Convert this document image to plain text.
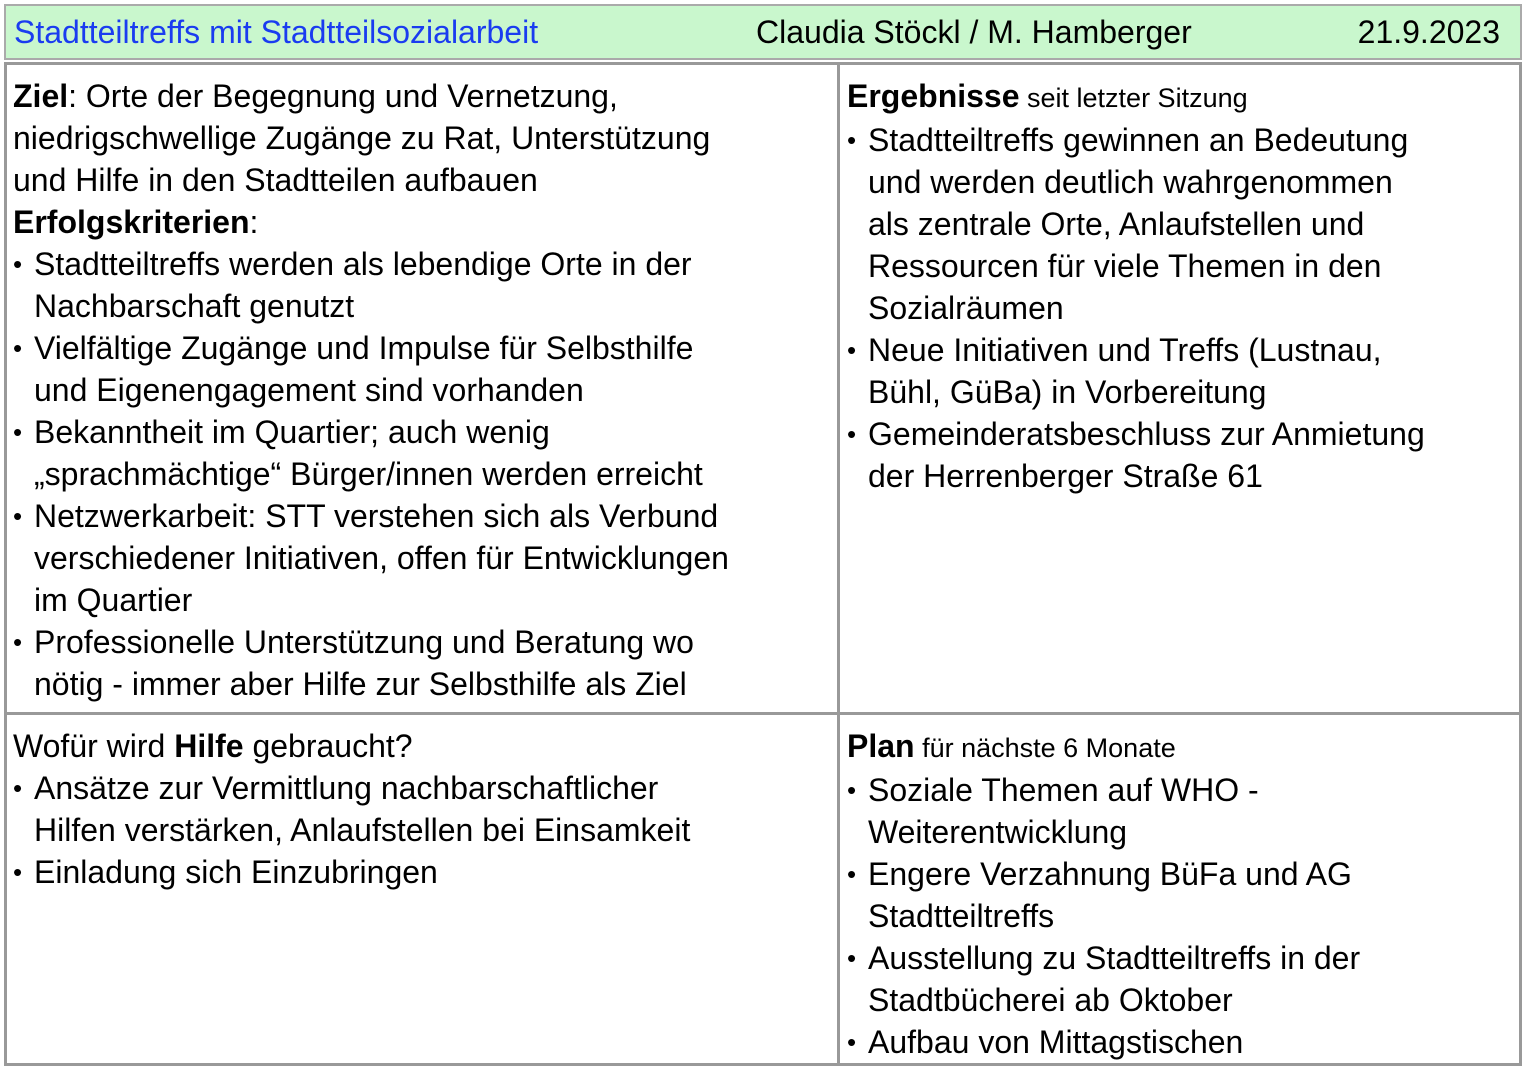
Stadtteiltreffs mit Stadtteilsozialarbeit	Claudia Stöckl / M. Hamberger	21.9.2023

Ziel: Orte der Begegnung und Vernetzung,

niedrigschwellige Zugänge zu Rat, Unterstützung

und Hilfe in den Stadtteilen aufbauen

Erfolgskriterien:

• Stadtteiltreffs werden als lebendige Orte in der
Nachbarschaft genutzt
• Vielfältige Zugänge und Impulse für Selbsthilfe
und Eigenengagement sind vorhanden
• Bekanntheit im Quartier; auch wenig
„sprachmächtige“ Bürger/innen werden erreicht
• Netzwerkarbeit: STT verstehen sich als Verbund
verschiedener Initiativen, offen für Entwicklungen
im Quartier
• Professionelle Unterstützung und Beratung wo
nötig - immer aber Hilfe zur Selbsthilfe als Ziel

Ergebnisse seit letzter Sitzung

• Stadtteiltreffs gewinnen an Bedeutung
und werden deutlich wahrgenommen
als zentrale Orte, Anlaufstellen und
Ressourcen für viele Themen in den
Sozialräumen
• Neue Initiativen und Treffs (Lustnau,
Bühl, GüBa) in Vorbereitung
• Gemeinderatsbeschluss zur Anmietung
der Herrenberger Straße 61

Wofür wird Hilfe gebraucht?

• Ansätze zur Vermittlung nachbarschaftlicher
Hilfen verstärken, Anlaufstellen bei Einsamkeit
• Einladung sich Einzubringen

Plan für nächste 6 Monate

• Soziale Themen auf WHO -
Weiterentwicklung
• Engere Verzahnung BüFa und AG
Stadtteiltreffs
• Ausstellung zu Stadtteiltreffs in der
Stadtbücherei ab Oktober
• Aufbau von Mittagstischen
